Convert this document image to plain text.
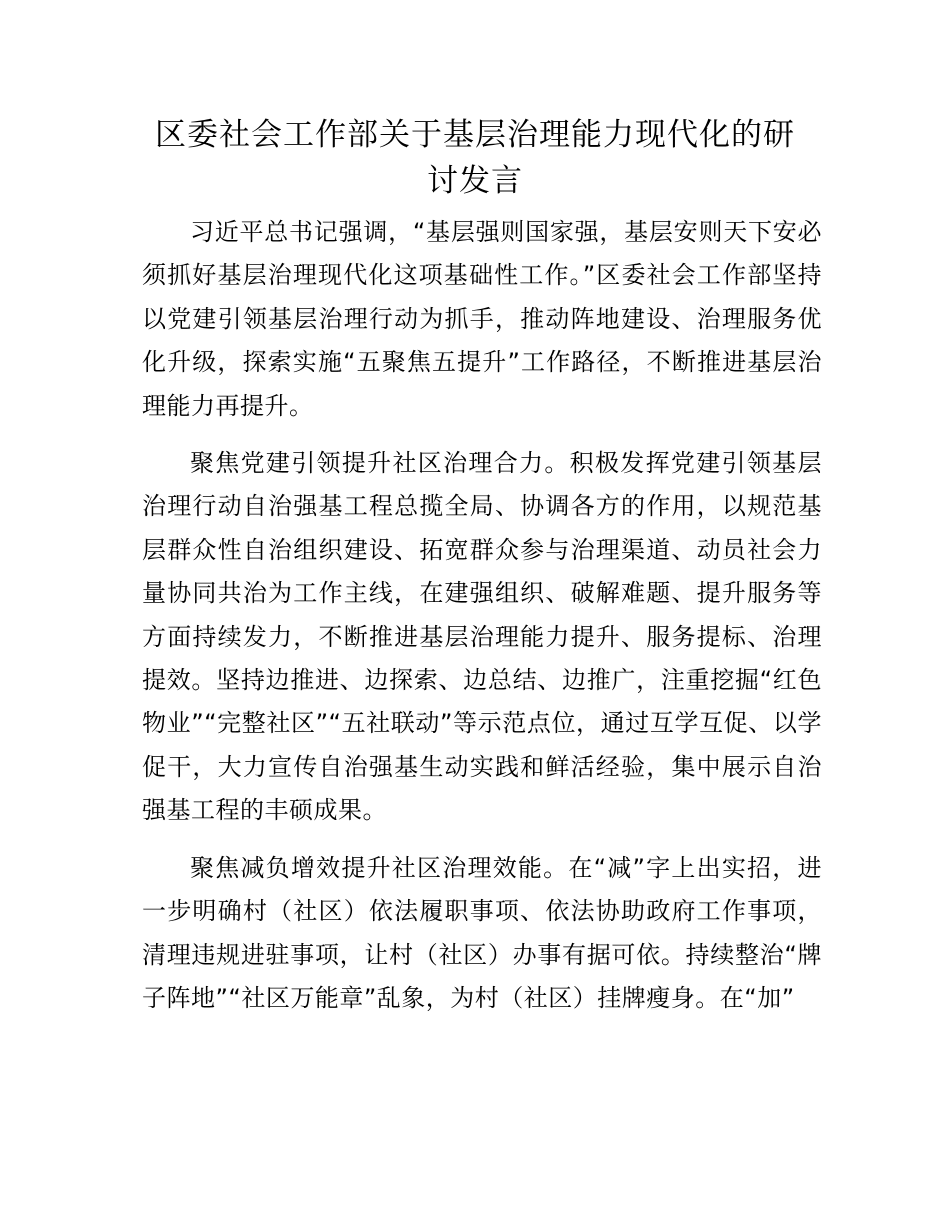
区委社会工作部关于基层治理能力现代化的研讨发言

习近平总书记强调，“基层强则国家强，基层安则天下安必须抓好基层治理现代化这项基础性工作。”区委社会工作部坚持以党建引领基层治理行动为抓手，推动阵地建设、治理服务优化升级，探索实施“五聚焦五提升”工作路径，不断推进基层治理能力再提升。

聚焦党建引领提升社区治理合力。积极发挥党建引领基层治理行动自治强基工程总揽全局、协调各方的作用，以规范基层群众性自治组织建设、拓宽群众参与治理渠道、动员社会力量协同共治为工作主线，在建强组织、破解难题、提升服务等方面持续发力，不断推进基层治理能力提升、服务提标、治理提效。坚持边推进、边探索、边总结、边推广，注重挖掘“红色物业”“完整社区”“五社联动”等示范点位，通过互学互促、以学促干，大力宣传自治强基生动实践和鲜活经验，集中展示自治强基工程的丰硕成果。

聚焦减负增效提升社区治理效能。在“减”字上出实招，进一步明确村（社区）依法履职事项、依法协助政府工作事项，清理违规进驻事项，让村（社区）办事有据可依。持续整治“牌子阵地”“社区万能章”乱象，为村（社区）挂牌瘦身。在“加”
